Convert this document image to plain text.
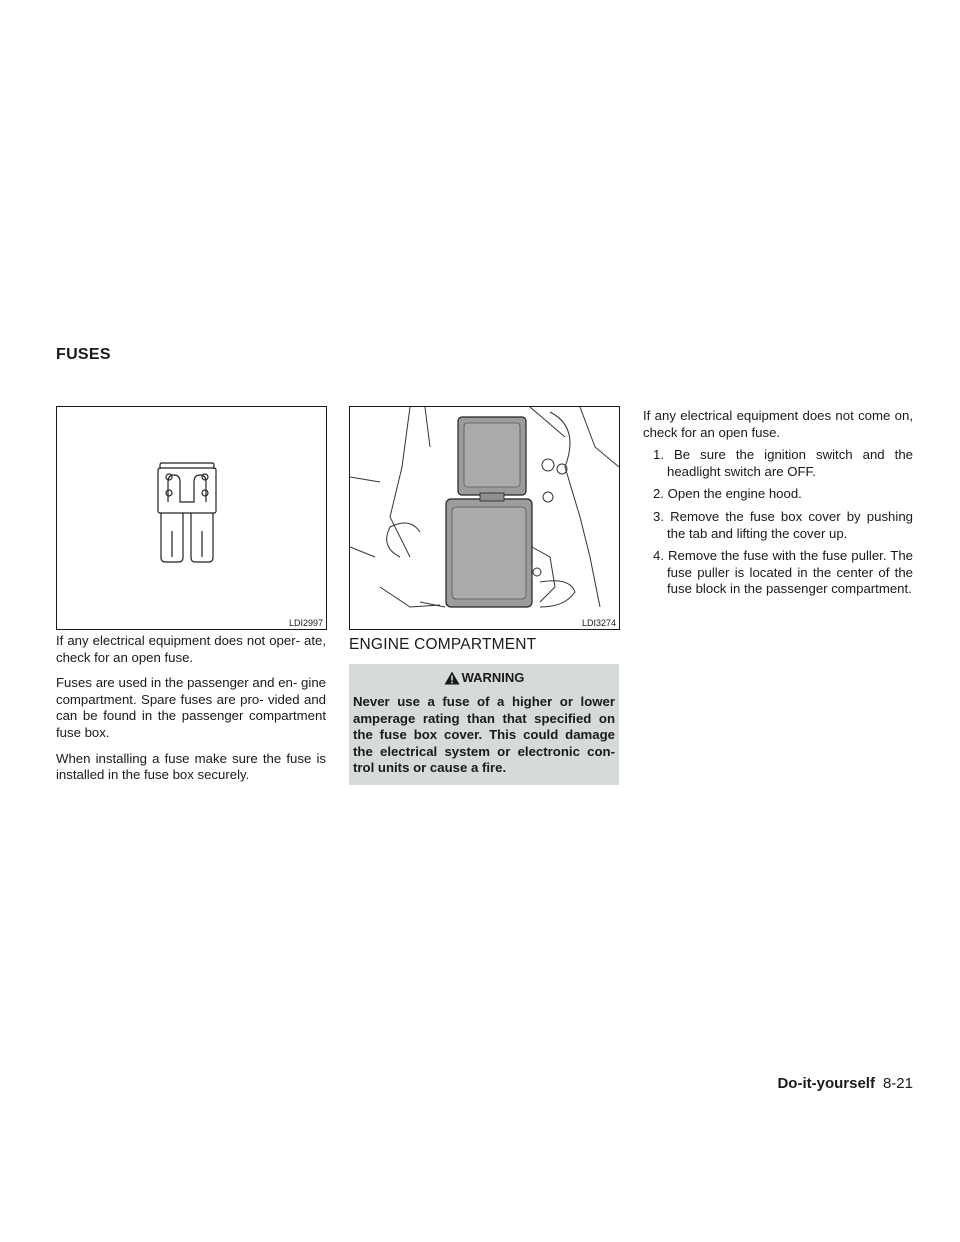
FUSES
LDI2997	LDI3274

If any electrical equipment does not oper- ate, check for an open fuse.

Fuses are used in the passenger and en- gine compartment. Spare fuses are pro- vided and can be found in the passenger compartment fuse box.

When installing a fuse make sure the fuse is installed in the fuse box securely.

ENGINE COMPARTMENT
WARNING

Never use a fuse of a higher or lower amperage rating than that specified on the fuse box cover. This could damage the electrical system or electronic con- trol units or cause a fire.

If any electrical equipment does not come on, check for an open fuse.

1. Be sure the ignition switch and the headlight switch are OFF.
2. Open the engine hood.
3. Remove the fuse box cover by pushing the tab and lifting the cover up.
4. Remove the fuse with the fuse puller. The fuse puller is located in the center of the fuse block in the passenger compartment.
Do-it-yourself 8-21
